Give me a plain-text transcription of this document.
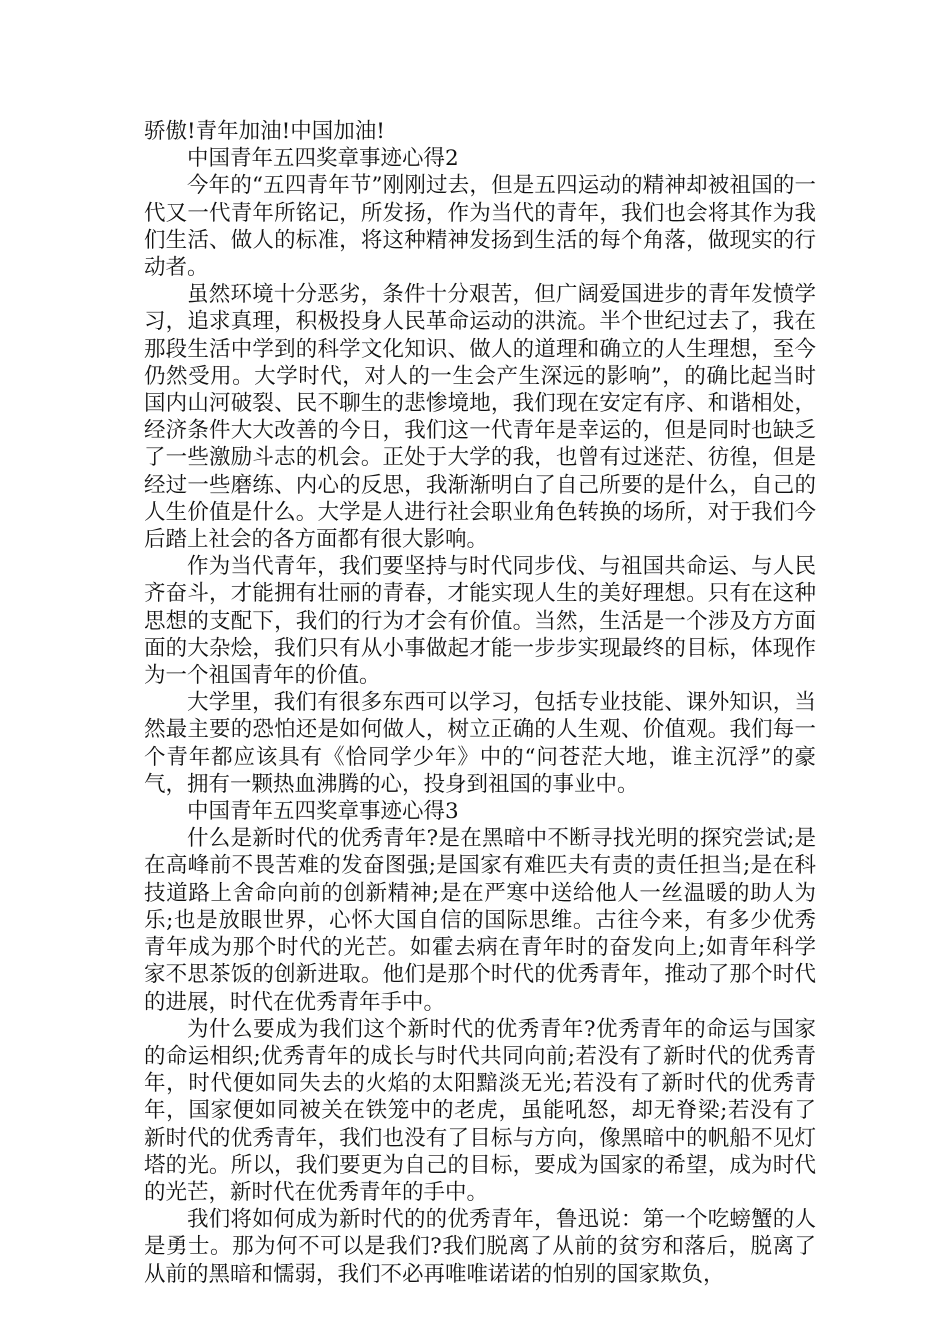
骄傲!青年加油!中国加油!

中国青年五四奖章事迹心得2

今年的“五四青年节”刚刚过去，但是五四运动的精神却被祖国的一代又一代青年所铭记，所发扬，作为当代的青年，我们也会将其作为我们生活、做人的标准，将这种精神发扬到生活的每个角落，做现实的行动者。

虽然环境十分恶劣，条件十分艰苦，但广阔爱国进步的青年发愤学习，追求真理，积极投身人民革命运动的洪流。半个世纪过去了，我在那段生活中学到的科学文化知识、做人的道理和确立的人生理想，至今仍然受用。大学时代，对人的一生会产生深远的影响”，的确比起当时国内山河破裂、民不聊生的悲惨境地，我们现在安定有序、和谐相处，经济条件大大改善的今日，我们这一代青年是幸运的，但是同时也缺乏了一些激励斗志的机会。正处于大学的我，也曾有过迷茫、彷徨，但是经过一些磨练、内心的反思，我渐渐明白了自己所要的是什么，自己的人生价值是什么。大学是人进行社会职业角色转换的场所，对于我们今后踏上社会的各方面都有很大影响。

作为当代青年，我们要坚持与时代同步伐、与祖国共命运、与人民齐奋斗，才能拥有壮丽的青春，才能实现人生的美好理想。只有在这种思想的支配下，我们的行为才会有价值。当然，生活是一个涉及方方面面的大杂烩，我们只有从小事做起才能一步步实现最终的目标，体现作为一个祖国青年的价值。

大学里，我们有很多东西可以学习，包括专业技能、课外知识，当然最主要的恐怕还是如何做人，树立正确的人生观、价值观。我们每一个青年都应该具有《恰同学少年》中的“问苍茫大地，谁主沉浮”的豪气，拥有一颗热血沸腾的心，投身到祖国的事业中。

中国青年五四奖章事迹心得3

什么是新时代的优秀青年?是在黑暗中不断寻找光明的探究尝试;是在高峰前不畏苦难的发奋图强;是国家有难匹夫有责的责任担当;是在科技道路上舍命向前的创新精神;是在严寒中送给他人一丝温暖的助人为乐;也是放眼世界，心怀大国自信的国际思维。古往今来，有多少优秀青年成为那个时代的光芒。如霍去病在青年时的奋发向上;如青年科学家不思茶饭的创新进取。他们是那个时代的优秀青年，推动了那个时代的进展，时代在优秀青年手中。

为什么要成为我们这个新时代的优秀青年?优秀青年的命运与国家的命运相织;优秀青年的成长与时代共同向前;若没有了新时代的优秀青年，时代便如同失去的火焰的太阳黯淡无光;若没有了新时代的优秀青年，国家便如同被关在铁笼中的老虎，虽能吼怒，却无脊梁;若没有了新时代的优秀青年，我们也没有了目标与方向，像黑暗中的帆船不见灯塔的光。所以，我们要更为自己的目标，要成为国家的希望，成为时代的光芒，新时代在优秀青年的手中。

我们将如何成为新时代的的优秀青年，鲁迅说：第一个吃螃蟹的人是勇士。那为何不可以是我们?我们脱离了从前的贫穷和落后，脱离了从前的黑暗和懦弱，我们不必再唯唯诺诺的怕别的国家欺负，
